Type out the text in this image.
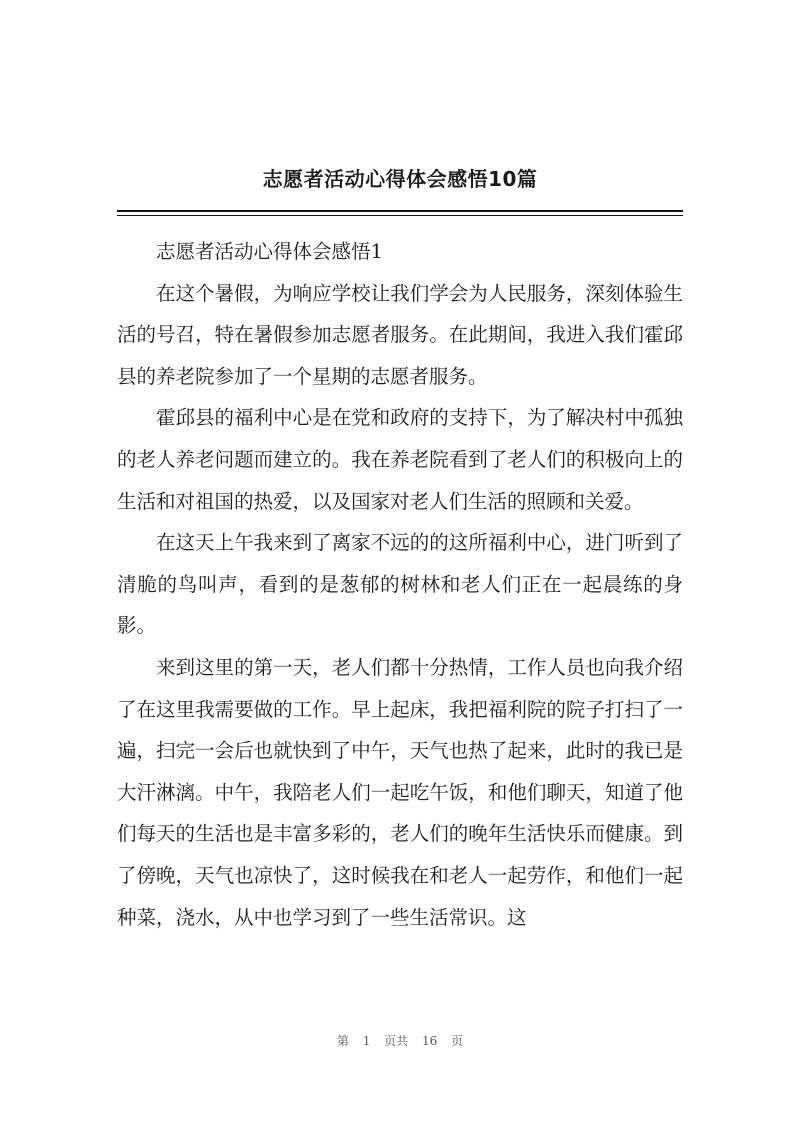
志愿者活动心得体会感悟10篇

志愿者活动心得体会感悟1

在这个暑假，为响应学校让我们学会为人民服务，深刻体验生活的号召，特在暑假参加志愿者服务。在此期间，我进入我们霍邱县的养老院参加了一个星期的志愿者服务。

霍邱县的福利中心是在党和政府的支持下，为了解决村中孤独的老人养老问题而建立的。我在养老院看到了老人们的积极向上的生活和对祖国的热爱，以及国家对老人们生活的照顾和关爱。

在这天上午我来到了离家不远的的这所福利中心，进门听到了清脆的鸟叫声，看到的是葱郁的树林和老人们正在一起晨练的身影。

来到这里的第一天，老人们都十分热情，工作人员也向我介绍了在这里我需要做的工作。早上起床，我把福利院的院子打扫了一遍，扫完一会后也就快到了中午，天气也热了起来，此时的我已是大汗淋漓。中午，我陪老人们一起吃午饭，和他们聊天，知道了他们每天的生活也是丰富多彩的，老人们的晚年生活快乐而健康。到了傍晚，天气也凉快了，这时候我在和老人一起劳作，和他们一起种菜，浇水，从中也学习到了一些生活常识。这

第 1 页共 16 页
